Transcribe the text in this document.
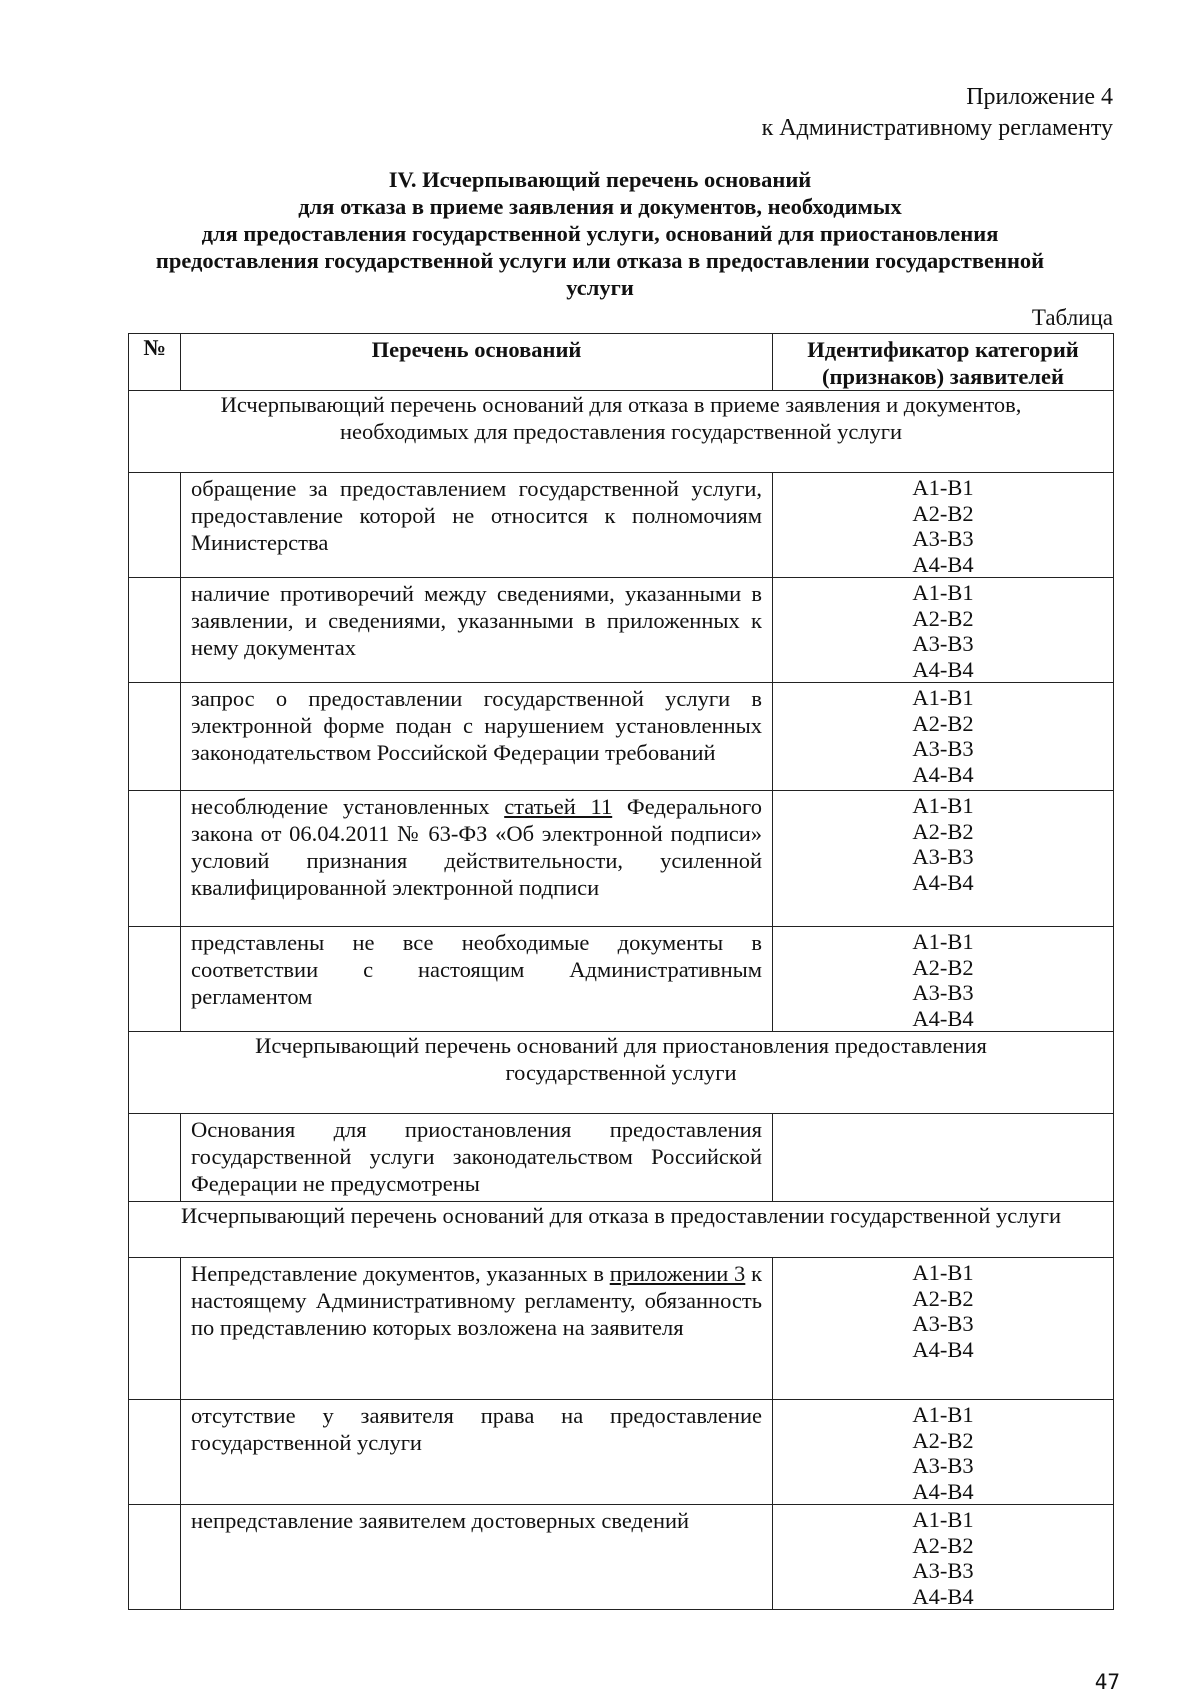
Приложение 4
к Административному регламенту
IV. Исчерпывающий перечень оснований
для отказа в приеме заявления и документов, необходимых
для предоставления государственной услуги, оснований для приостановления
предоставления государственной услуги или отказа в предоставлении государственной
услуги
Таблица
№	Перечень оснований	Идентификатор категорий
(признаков) заявителей

Исчерпывающий перечень оснований для отказа в приеме заявления и документов,
необходимых для предоставления государственной услуги		

	обращение за предоставлением государственной услуги, предоставление которой не относится к полномочиям Министерства	А1-В1
А2-В2
А3-В3
А4-В4

	наличие противоречий между сведениями, указанными в заявлении, и сведениями, указанными в приложенных к нему документах	А1-В1
А2-В2
А3-В3
А4-В4

	запрос о предоставлении государственной услуги в электронной форме подан с нарушением установленных законодательством Российской Федерации требований	А1-В1
А2-В2
А3-В3
А4-В4

	несоблюдение установленных статьей 11 Федерального закона от 06.04.2011 № 63-ФЗ «Об электронной подписи» условий признания действительности, усиленной квалифицированной электронной подписи	А1-В1
А2-В2
А3-В3
А4-В4

	представлены не все необходимые документы в соответствии с настоящим Административным регламентом	А1-В1
А2-В2
А3-В3
А4-В4

Исчерпывающий перечень оснований для приостановления предоставления
государственной услуги		

	Основания для приостановления предоставления государственной услуги законодательством Российской Федерации не предусмотрены	

Исчерпывающий перечень оснований для отказа в предоставлении государственной услуги		

	Непредставление документов, указанных в приложении 3 к настоящему Административному регламенту, обязанность по представлению которых возложена на заявителя	А1-В1
А2-В2
А3-В3
А4-В4

	отсутствие у заявителя права на предоставление государственной услуги	А1-В1
А2-В2
А3-В3
А4-В4

	непредставление заявителем достоверных сведений	А1-В1
А2-В2
А3-В3
А4-В4
47
